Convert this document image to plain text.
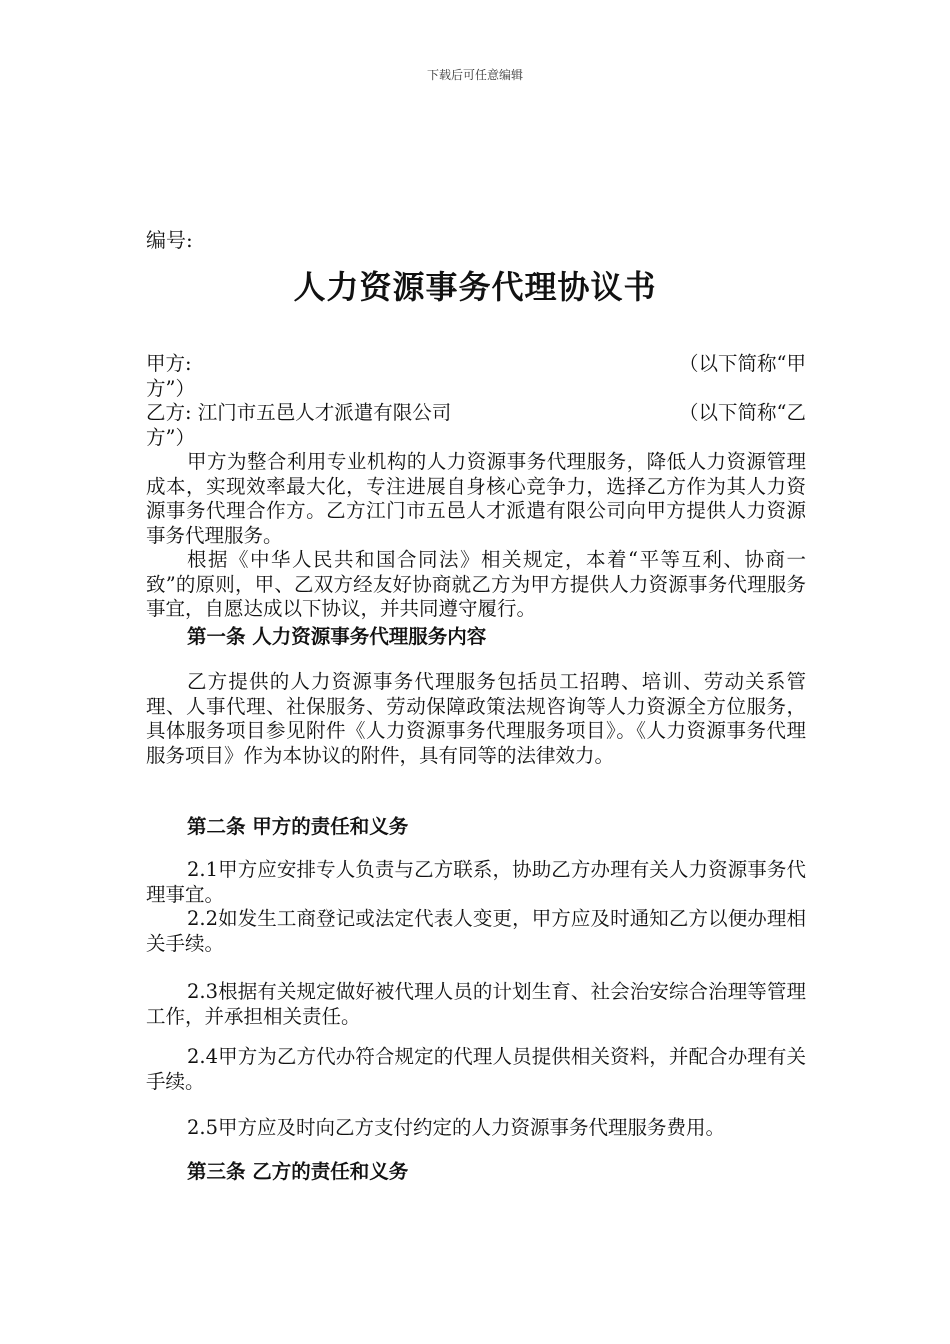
下载后可任意编辑
编号:
人力资源事务代理协议书
甲方:	（以下简称“甲
方”）
乙方: 江门市五邑人才派遣有限公司	（以下简称“乙
方”）
甲方为整合利用专业机构的人力资源事务代理服务，降低人力资源管理成本，实现效率最大化，专注进展自身核心竞争力，选择乙方作为其人力资源事务代理合作方。乙方江门市五邑人才派遣有限公司向甲方提供人力资源事务代理服务。
根据《中华人民共和国合同法》相关规定，本着“平等互利、协商一致”的原则，甲、乙双方经友好协商就乙方为甲方提供人力资源事务代理服务事宜，自愿达成以下协议，并共同遵守履行。
第一条 人力资源事务代理服务内容
乙方提供的人力资源事务代理服务包括员工招聘、培训、劳动关系管理、人事代理、社保服务、劳动保障政策法规咨询等人力资源全方位服务，具体服务项目参见附件《人力资源事务代理服务项目》。《人力资源事务代理服务项目》作为本协议的附件，具有同等的法律效力。
第二条 甲方的责任和义务
2.1甲方应安排专人负责与乙方联系，协助乙方办理有关人力资源事务代理事宜。
2.2如发生工商登记或法定代表人变更，甲方应及时通知乙方以便办理相关手续。
2.3根据有关规定做好被代理人员的计划生育、社会治安综合治理等管理工作，并承担相关责任。
2.4甲方为乙方代办符合规定的代理人员提供相关资料，并配合办理有关手续。
2.5甲方应及时向乙方支付约定的人力资源事务代理服务费用。
第三条 乙方的责任和义务
